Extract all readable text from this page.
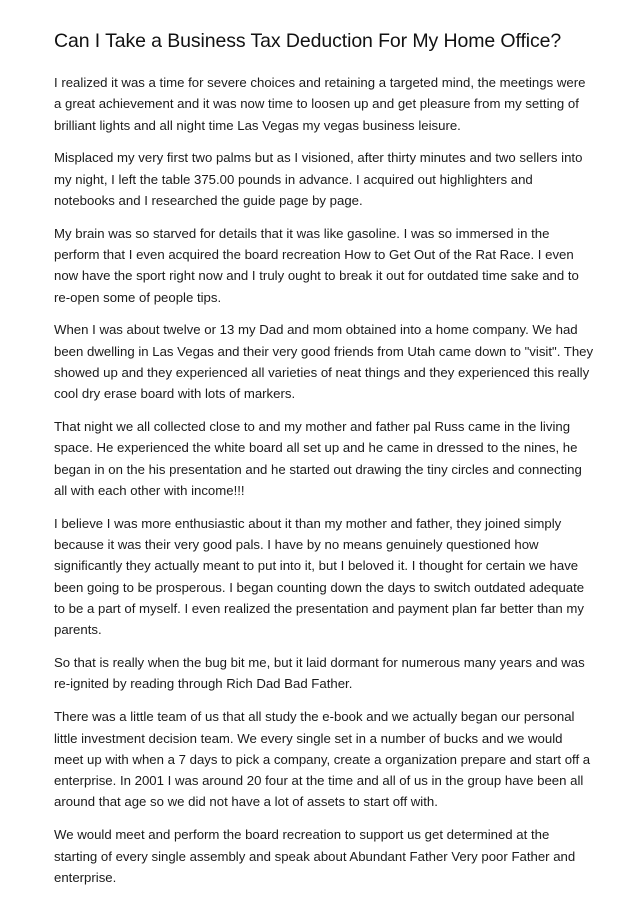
Can I Take a Business Tax Deduction For My Home Office?

I realized it was a time for severe choices and retaining a targeted mind, the meetings were a great achievement and it was now time to loosen up and get pleasure from my setting of brilliant lights and all night time Las Vegas my vegas business leisure.

Misplaced my very first two palms but as I visioned, after thirty minutes and two sellers into my night, I left the table 375.00 pounds in advance. I acquired out highlighters and notebooks and I researched the guide page by page.

My brain was so starved for details that it was like gasoline. I was so immersed in the perform that I even acquired the board recreation How to Get Out of the Rat Race. I even now have the sport right now and I truly ought to break it out for outdated time sake and to re-open some of people tips.

When I was about twelve or 13 my Dad and mom obtained into a home company. We had been dwelling in Las Vegas and their very good friends from Utah came down to "visit". They showed up and they experienced all varieties of neat things and they experienced this really cool dry erase board with lots of markers.

That night we all collected close to and my mother and father pal Russ came in the living space. He experienced the white board all set up and he came in dressed to the nines, he began in on the his presentation and he started out drawing the tiny circles and connecting all with each other with income!!!

I believe I was more enthusiastic about it than my mother and father, they joined simply because it was their very good pals. I have by no means genuinely questioned how significantly they actually meant to put into it, but I beloved it. I thought for certain we have been going to be prosperous. I began counting down the days to switch outdated adequate to be a part of myself. I even realized the presentation and payment plan far better than my parents.

So that is really when the bug bit me, but it laid dormant for numerous many years and was re-ignited by reading through Rich Dad Bad Father.

There was a little team of us that all study the e-book and we actually began our personal little investment decision team. We every single set in a number of bucks and we would meet up with when a 7 days to pick a company, create a organization prepare and start off a enterprise. In 2001 I was around 20 four at the time and all of us in the group have been all around that age so we did not have a lot of assets to start off with.

We would meet and perform the board recreation to support us get determined at the starting of every single assembly and speak about Abundant Father Very poor Father and enterprise.
